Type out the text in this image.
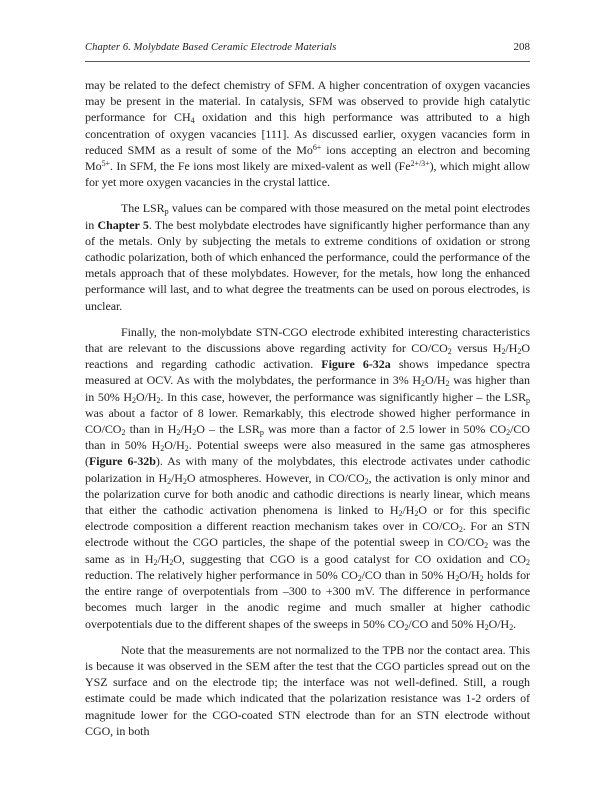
Chapter 6. Molybdate Based Ceramic Electrode Materials	208

may be related to the defect chemistry of SFM. A higher concentration of oxygen vacancies may be present in the material. In catalysis, SFM was observed to provide high catalytic performance for $CH_4$ oxidation and this high performance was attributed to a high concentration of oxygen vacancies [111]. As discussed earlier, oxygen vacancies form in reduced SMM as a result of some of the $Mo^{6+}$ ions accepting an electron and becoming $Mo^{5+}$. In SFM, the Fe ions most likely are mixed-valent as well $(Fe^{2+/3+})$, which might allow for yet more oxygen vacancies in the crystal lattice.

The $LSR_p$ values can be compared with those measured on the metal point electrodes in Chapter 5. The best molybdate electrodes have significantly higher performance than any of the metals. Only by subjecting the metals to extreme conditions of oxidation or strong cathodic polarization, both of which enhanced the performance, could the performance of the metals approach that of these molybdates. However, for the metals, how long the enhanced performance will last, and to what degree the treatments can be used on porous electrodes, is unclear.

Finally, the non-molybdate STN-CGO electrode exhibited interesting characteristics that are relevant to the discussions above regarding activity for $CO/CO_2$ versus $H_2/H_2O$ reactions and regarding cathodic activation. Figure 6-32a shows impedance spectra measured at OCV. As with the molybdates, the performance in 3% $H_2O/H_2$ was higher than in 50% $H_2O/H_2$. In this case, however, the performance was significantly higher – the $LSR_p$ was about a factor of 8 lower. Remarkably, this electrode showed higher performance in $CO/CO_2$ than in $H_2/H_2O$ – the $LSR_p$ was more than a factor of 2.5 lower in 50% $CO_2/CO$ than in 50% $H_2O/H_2$. Potential sweeps were also measured in the same gas atmospheres (Figure 6-32b). As with many of the molybdates, this electrode activates under cathodic polarization in $H_2/H_2O$ atmospheres. However, in $CO/CO_2$, the activation is only minor and the polarization curve for both anodic and cathodic directions is nearly linear, which means that either the cathodic activation phenomena is linked to $H_2/H_2O$ or for this specific electrode composition a different reaction mechanism takes over in $CO/CO_2$. For an STN electrode without the CGO particles, the shape of the potential sweep in $CO/CO_2$ was the same as in $H_2/H_2O$, suggesting that CGO is a good catalyst for CO oxidation and $CO_2$ reduction. The relatively higher performance in 50% $CO_2/CO$ than in 50% $H_2O/H_2$ holds for the entire range of overpotentials from –300 to +300 mV. The difference in performance becomes much larger in the anodic regime and much smaller at higher cathodic overpotentials due to the different shapes of the sweeps in 50% $CO_2/CO$ and 50% $H_2O/H_2$.

Note that the measurements are not normalized to the TPB nor the contact area. This is because it was observed in the SEM after the test that the CGO particles spread out on the YSZ surface and on the electrode tip; the interface was not well-defined. Still, a rough estimate could be made which indicated that the polarization resistance was 1-2 orders of magnitude lower for the CGO-coated STN electrode than for an STN electrode without CGO, in both
